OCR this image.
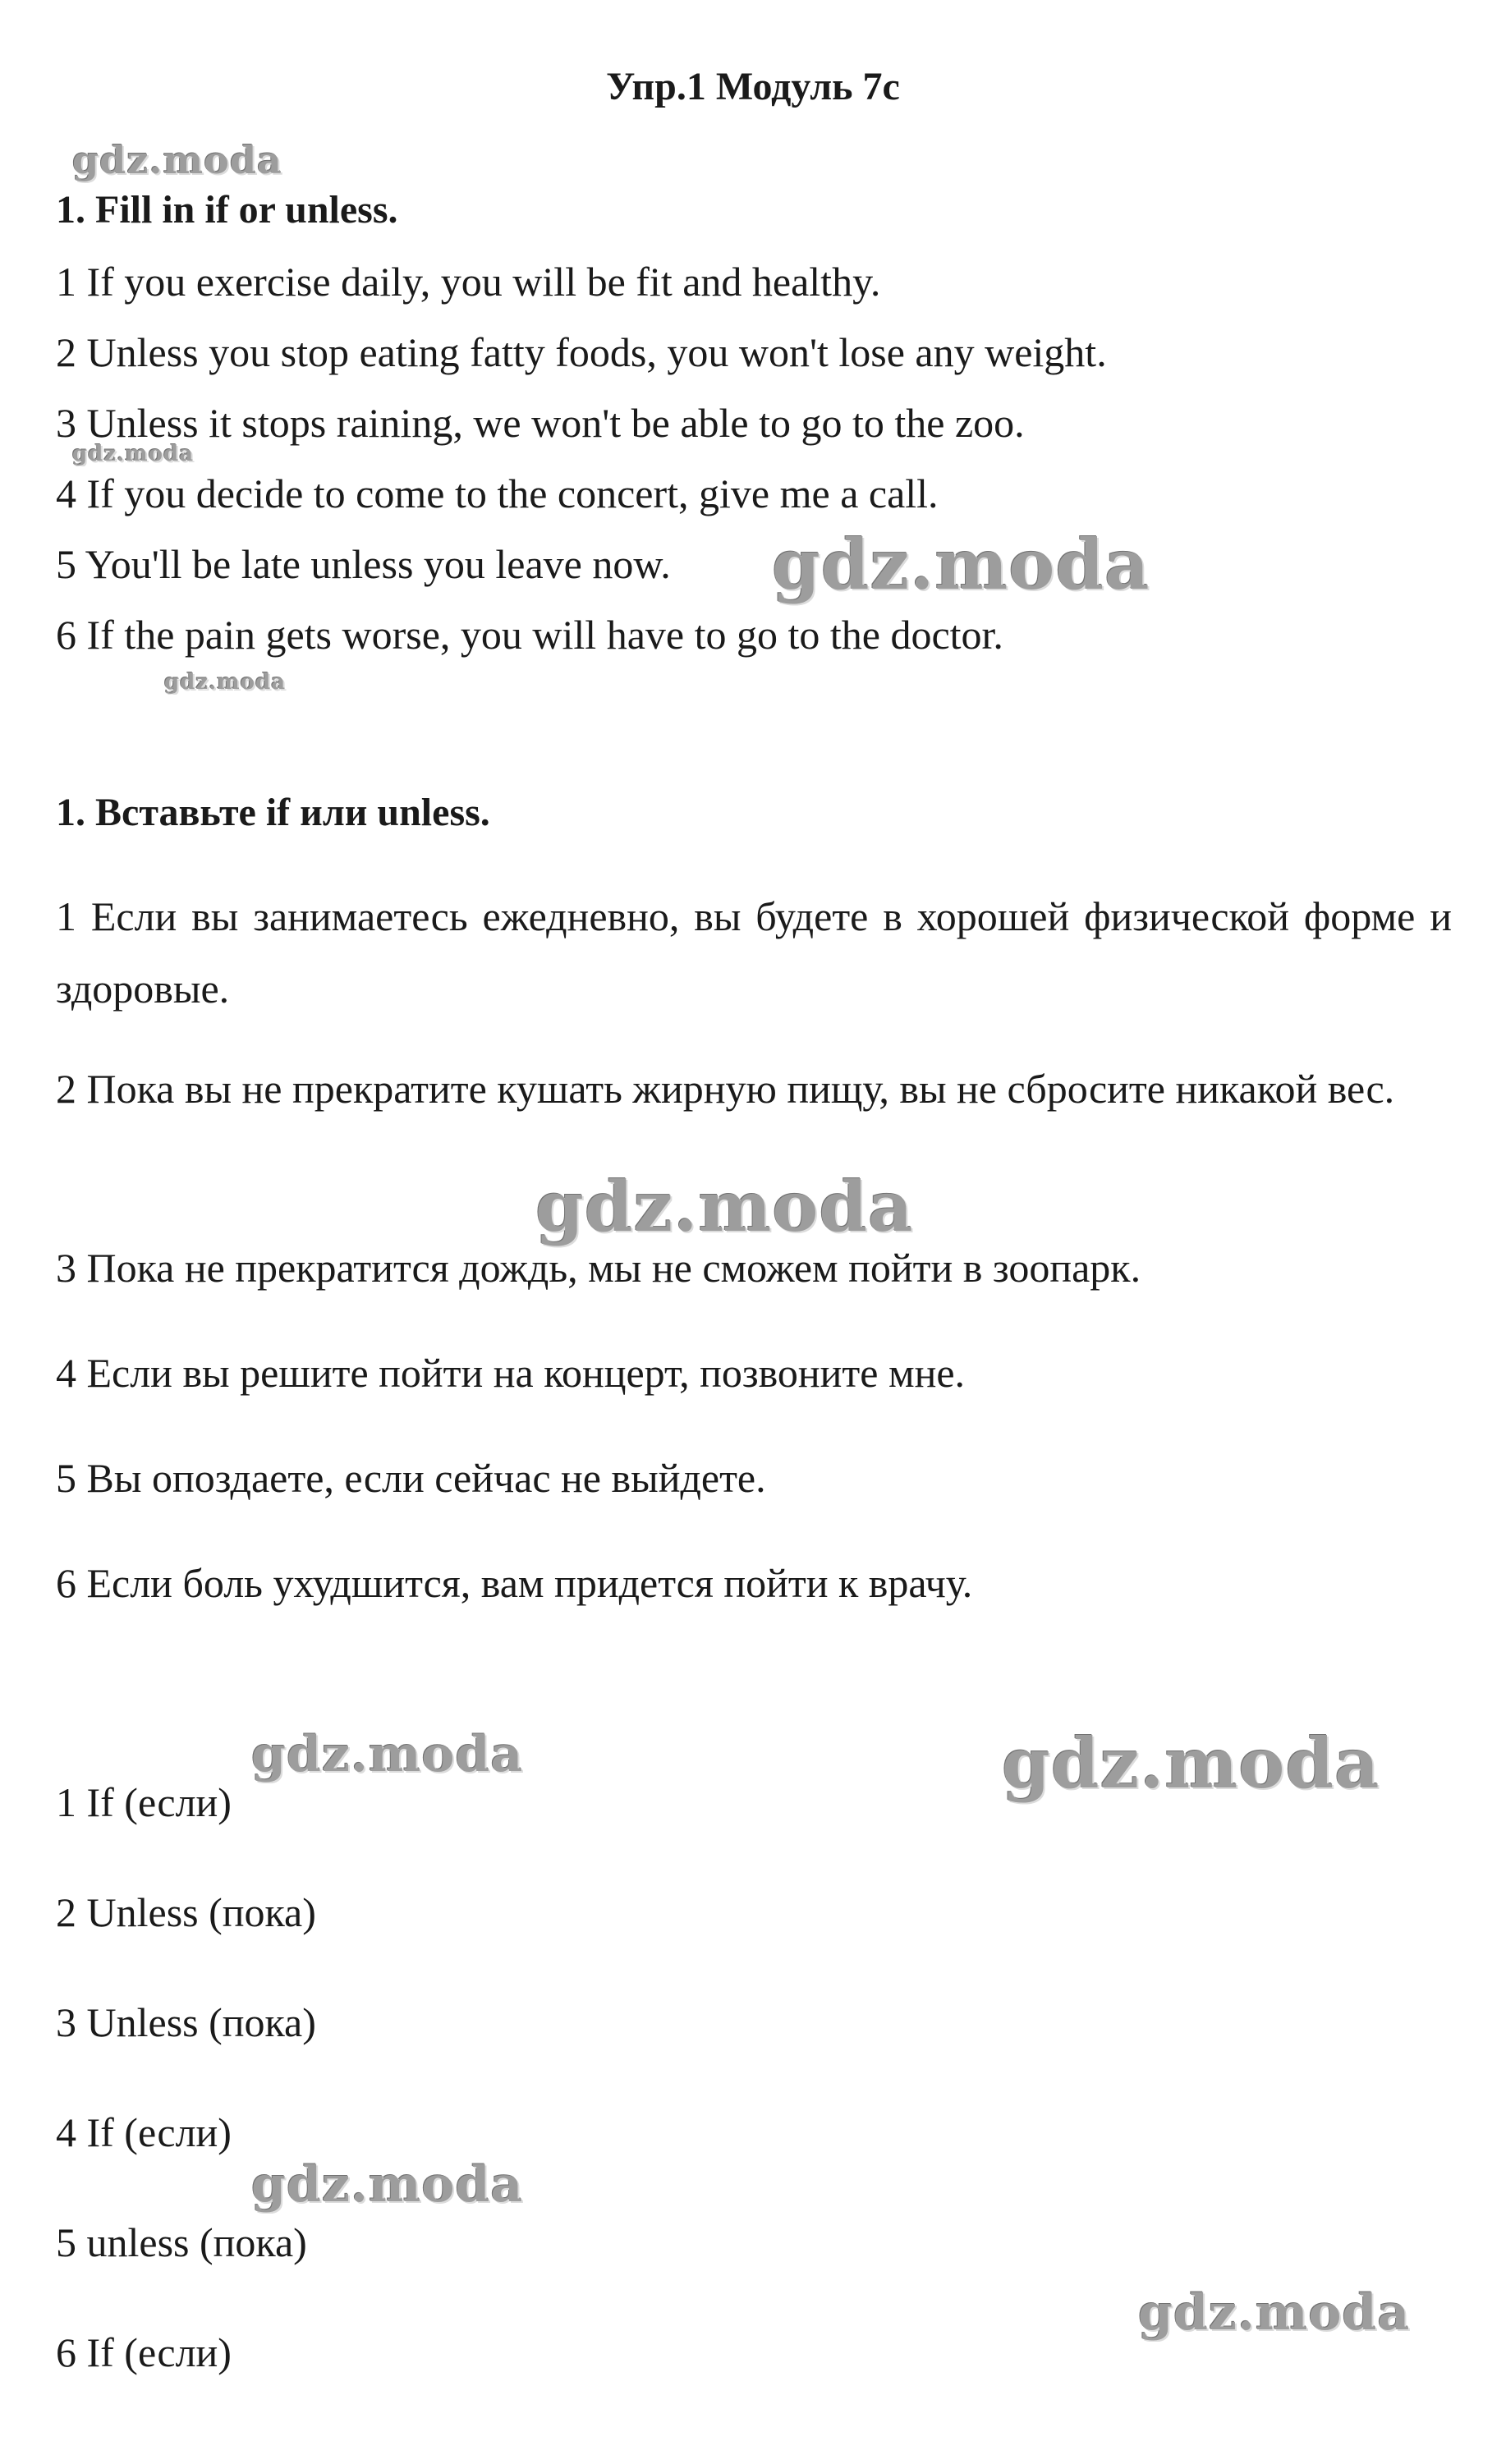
Упр.1 Модуль 7с
gdz.moda
gdz.moda
gdz.moda
gdz.moda
gdz.moda
gdz.moda	gdz.moda
gdz.moda
gdz.moda
1. Fill in if or unless.
1 If you exercise daily, you will be fit and healthy.
2 Unless you stop eating fatty foods, you won't lose any weight.
3 Unless it stops raining, we won't be able to go to the zoo.
4 If you decide to come to the concert, give me a call.
5 You'll be late unless you leave now.
6 If the pain gets worse, you will have to go to the doctor.
1. Вставьте if или unless.
1 Если вы занимаетесь ежедневно, вы будете в хорошей физической форме и здоровые.
2 Пока вы не прекратите кушать жирную пищу, вы не сбросите никакой вес.
3 Пока не прекратится дождь, мы не сможем пойти в зоопарк.
4 Если вы решите пойти на концерт, позвоните мне.
5 Вы опоздаете, если сейчас не выйдете.
6 Если боль ухудшится, вам придется пойти к врачу.
1 If (если)
2 Unless (пока)
3 Unless (пока)
4 If (если)
5 unless (пока)
6 If (если)
